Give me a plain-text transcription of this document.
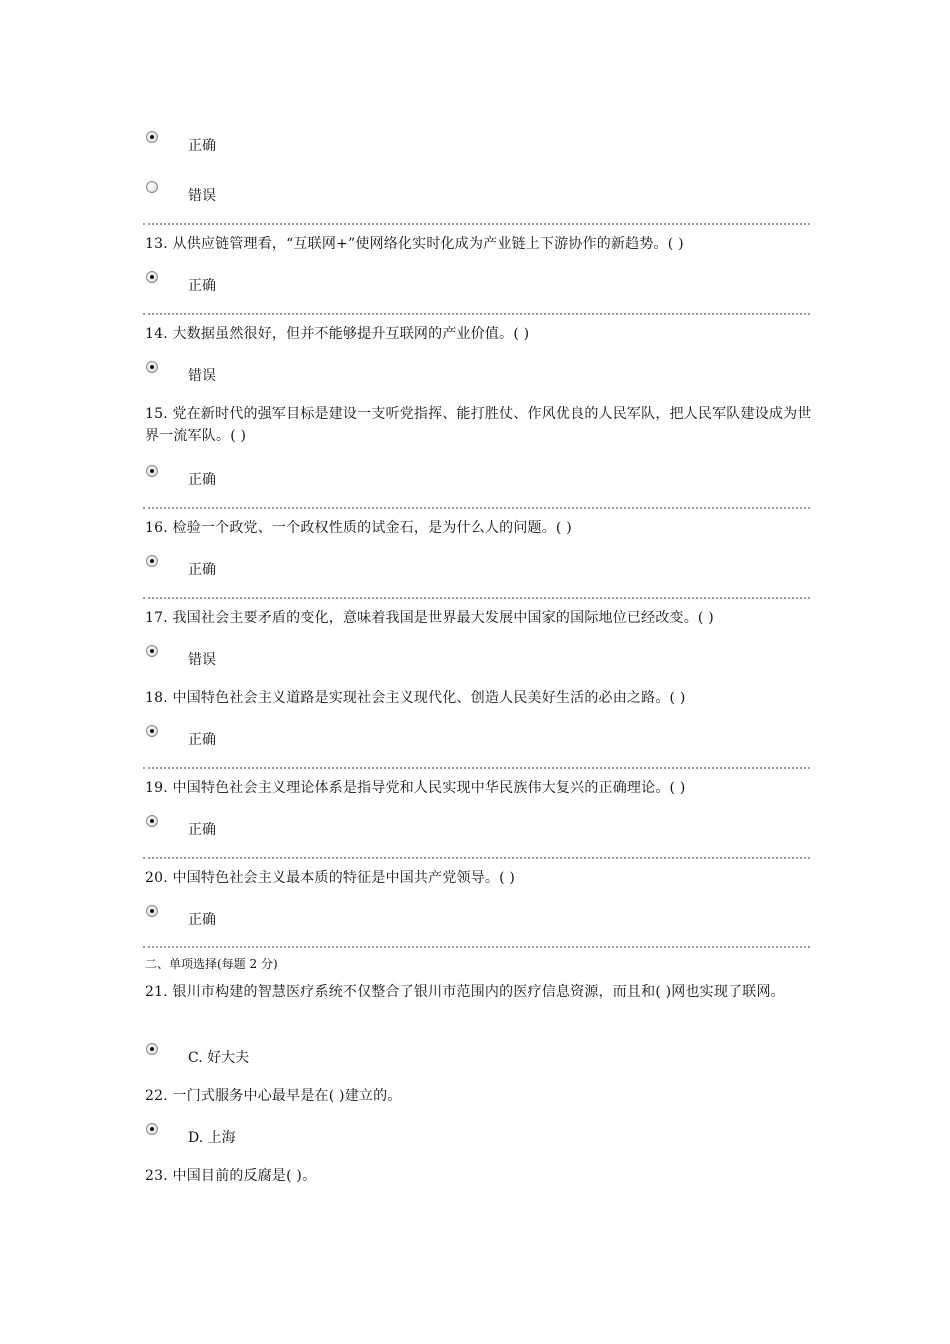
正确
错误
13. 从供应链管理看，“互联网+”使网络化实时化成为产业链上下游协作的新趋势。( )
正确
14. 大数据虽然很好，但并不能够提升互联网的产业价值。( )
错误
15. 党在新时代的强军目标是建设一支听党指挥、能打胜仗、作风优良的人民军队，把人民军队建设成为世界一流军队。( )
正确
16. 检验一个政党、一个政权性质的试金石，是为什么人的问题。( )
正确
17. 我国社会主要矛盾的变化，意味着我国是世界最大发展中国家的国际地位已经改变。( )
错误
18. 中国特色社会主义道路是实现社会主义现代化、创造人民美好生活的必由之路。( )
正确
19. 中国特色社会主义理论体系是指导党和人民实现中华民族伟大复兴的正确理论。( )
正确
20. 中国特色社会主义最本质的特征是中国共产党领导。( )
正确
二、单项选择(每题 2 分)
21. 银川市构建的智慧医疗系统不仅整合了银川市范围内的医疗信息资源，而且和( )网也实现了联网。
C. 好大夫
22. 一门式服务中心最早是在( )建立的。
D. 上海
23. 中国目前的反腐是( )。
